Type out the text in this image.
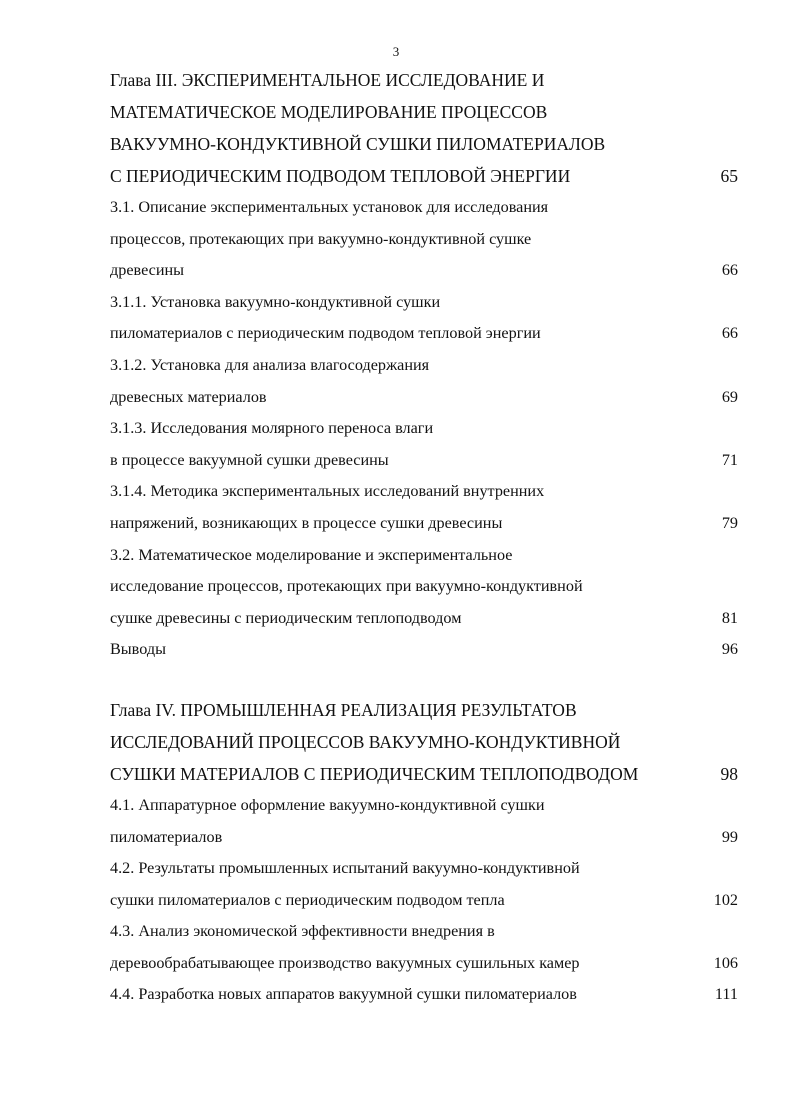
3
Глава III. ЭКСПЕРИМЕНТАЛЬНОЕ ИССЛЕДОВАНИЕ И
МАТЕМАТИЧЕСКОЕ МОДЕЛИРОВАНИЕ ПРОЦЕССОВ
ВАКУУМНО-КОНДУКТИВНОЙ СУШКИ ПИЛОМАТЕРИАЛОВ
С ПЕРИОДИЧЕСКИМ ПОДВОДОМ ТЕПЛОВОЙ ЭНЕРГИИ	65
3.1. Описание экспериментальных установок для исследования
процессов, протекающих при вакуумно-кондуктивной сушке
древесины	66
3.1.1. Установка вакуумно-кондуктивной сушки
пиломатериалов с периодическим подводом тепловой энергии	66
3.1.2. Установка для анализа влагосодержания
древесных материалов	69
3.1.3. Исследования молярного переноса влаги
в процессе вакуумной сушки древесины	71
3.1.4. Методика экспериментальных исследований внутренних
напряжений, возникающих в процессе сушки древесины	79
3.2. Математическое моделирование и экспериментальное
исследование процессов, протекающих при вакуумно-кондуктивной
сушке древесины с периодическим теплоподводом	81
Выводы	96
Глава IV. ПРОМЫШЛЕННАЯ РЕАЛИЗАЦИЯ РЕЗУЛЬТАТОВ
ИССЛЕДОВАНИЙ ПРОЦЕССОВ ВАКУУМНО-КОНДУКТИВНОЙ
СУШКИ МАТЕРИАЛОВ С ПЕРИОДИЧЕСКИМ ТЕПЛОПОДВОДОМ	98
4.1. Аппаратурное оформление вакуумно-кондуктивной сушки
пиломатериалов	99
4.2. Результаты промышленных испытаний вакуумно-кондуктивной
сушки пиломатериалов с периодическим подводом тепла	102
4.3. Анализ экономической эффективности внедрения в
деревообрабатывающее производство вакуумных сушильных камер	106
4.4. Разработка новых аппаратов вакуумной сушки пиломатериалов	111
